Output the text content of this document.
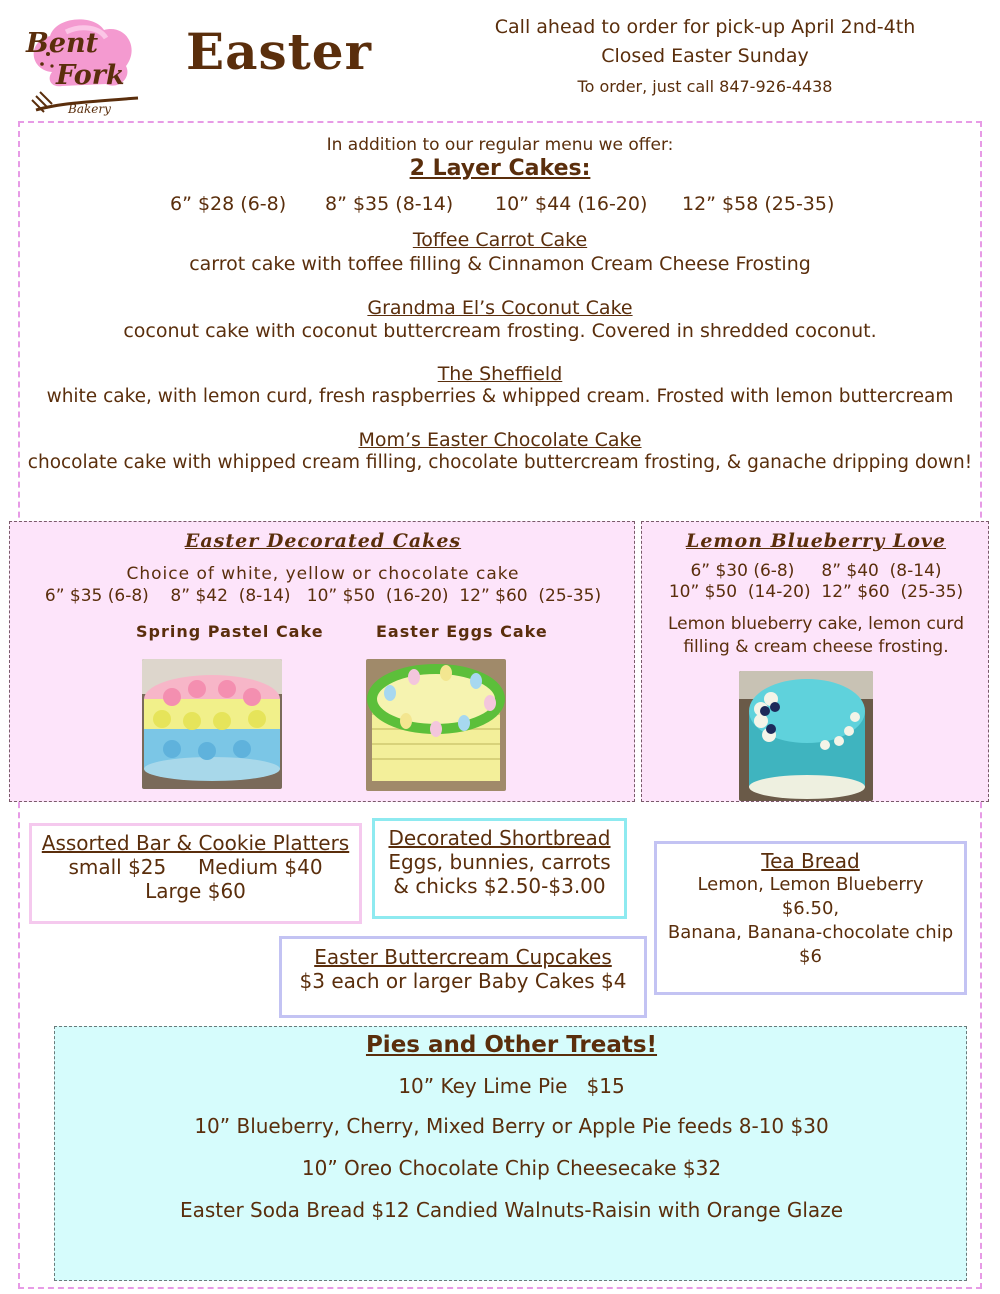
Bent
Fork
Bakery
Easter	Call ahead to order for pick-up April 2nd-4th
Closed Easter Sunday
To order, just call 847-926-4438
In addition to our regular menu we offer:
2 Layer Cakes:
6” $28 (6-8) 8” $35 (8-14) 10” $44 (16-20) 12” $58 (25-35)
Toffee Carrot Cake
carrot cake with toffee filling & Cinnamon Cream Cheese Frosting
Grandma El’s Coconut Cake
coconut cake with coconut buttercream frosting. Covered in shredded coconut.
The Sheffield
white cake, with lemon curd, fresh raspberries & whipped cream. Frosted with lemon buttercream
Mom’s Easter Chocolate Cake
chocolate cake with whipped cream filling, chocolate buttercream frosting, & ganache dripping down!
Easter Decorated Cakes
Choice of white, yellow or chocolate cake
6” $35 (6-8)    8” $42  (8-14)   10” $50  (16-20)  12” $60  (25-35)
Spring Pastel Cake	Easter Eggs Cake
Lemon Blueberry Love
6” $30 (6-8)     8” $40  (8-14)
10” $50  (14-20)  12” $60  (25-35)
Lemon blueberry cake, lemon curd
filling & cream cheese frosting.
Assorted Bar & Cookie Platters
small $25     Medium $40
Large $60
Decorated Shortbread
Eggs, bunnies, carrots
& chicks $2.50-$3.00
Tea Bread
Lemon, Lemon Blueberry
$6.50,
Banana, Banana-chocolate chip
$6
Easter Buttercream Cupcakes
$3 each or larger Baby Cakes $4
Pies and Other Treats!
10” Key Lime Pie   $15
10” Blueberry, Cherry, Mixed Berry or Apple Pie feeds 8-10 $30
10” Oreo Chocolate Chip Cheesecake $32
Easter Soda Bread $12 Candied Walnuts-Raisin with Orange Glaze
